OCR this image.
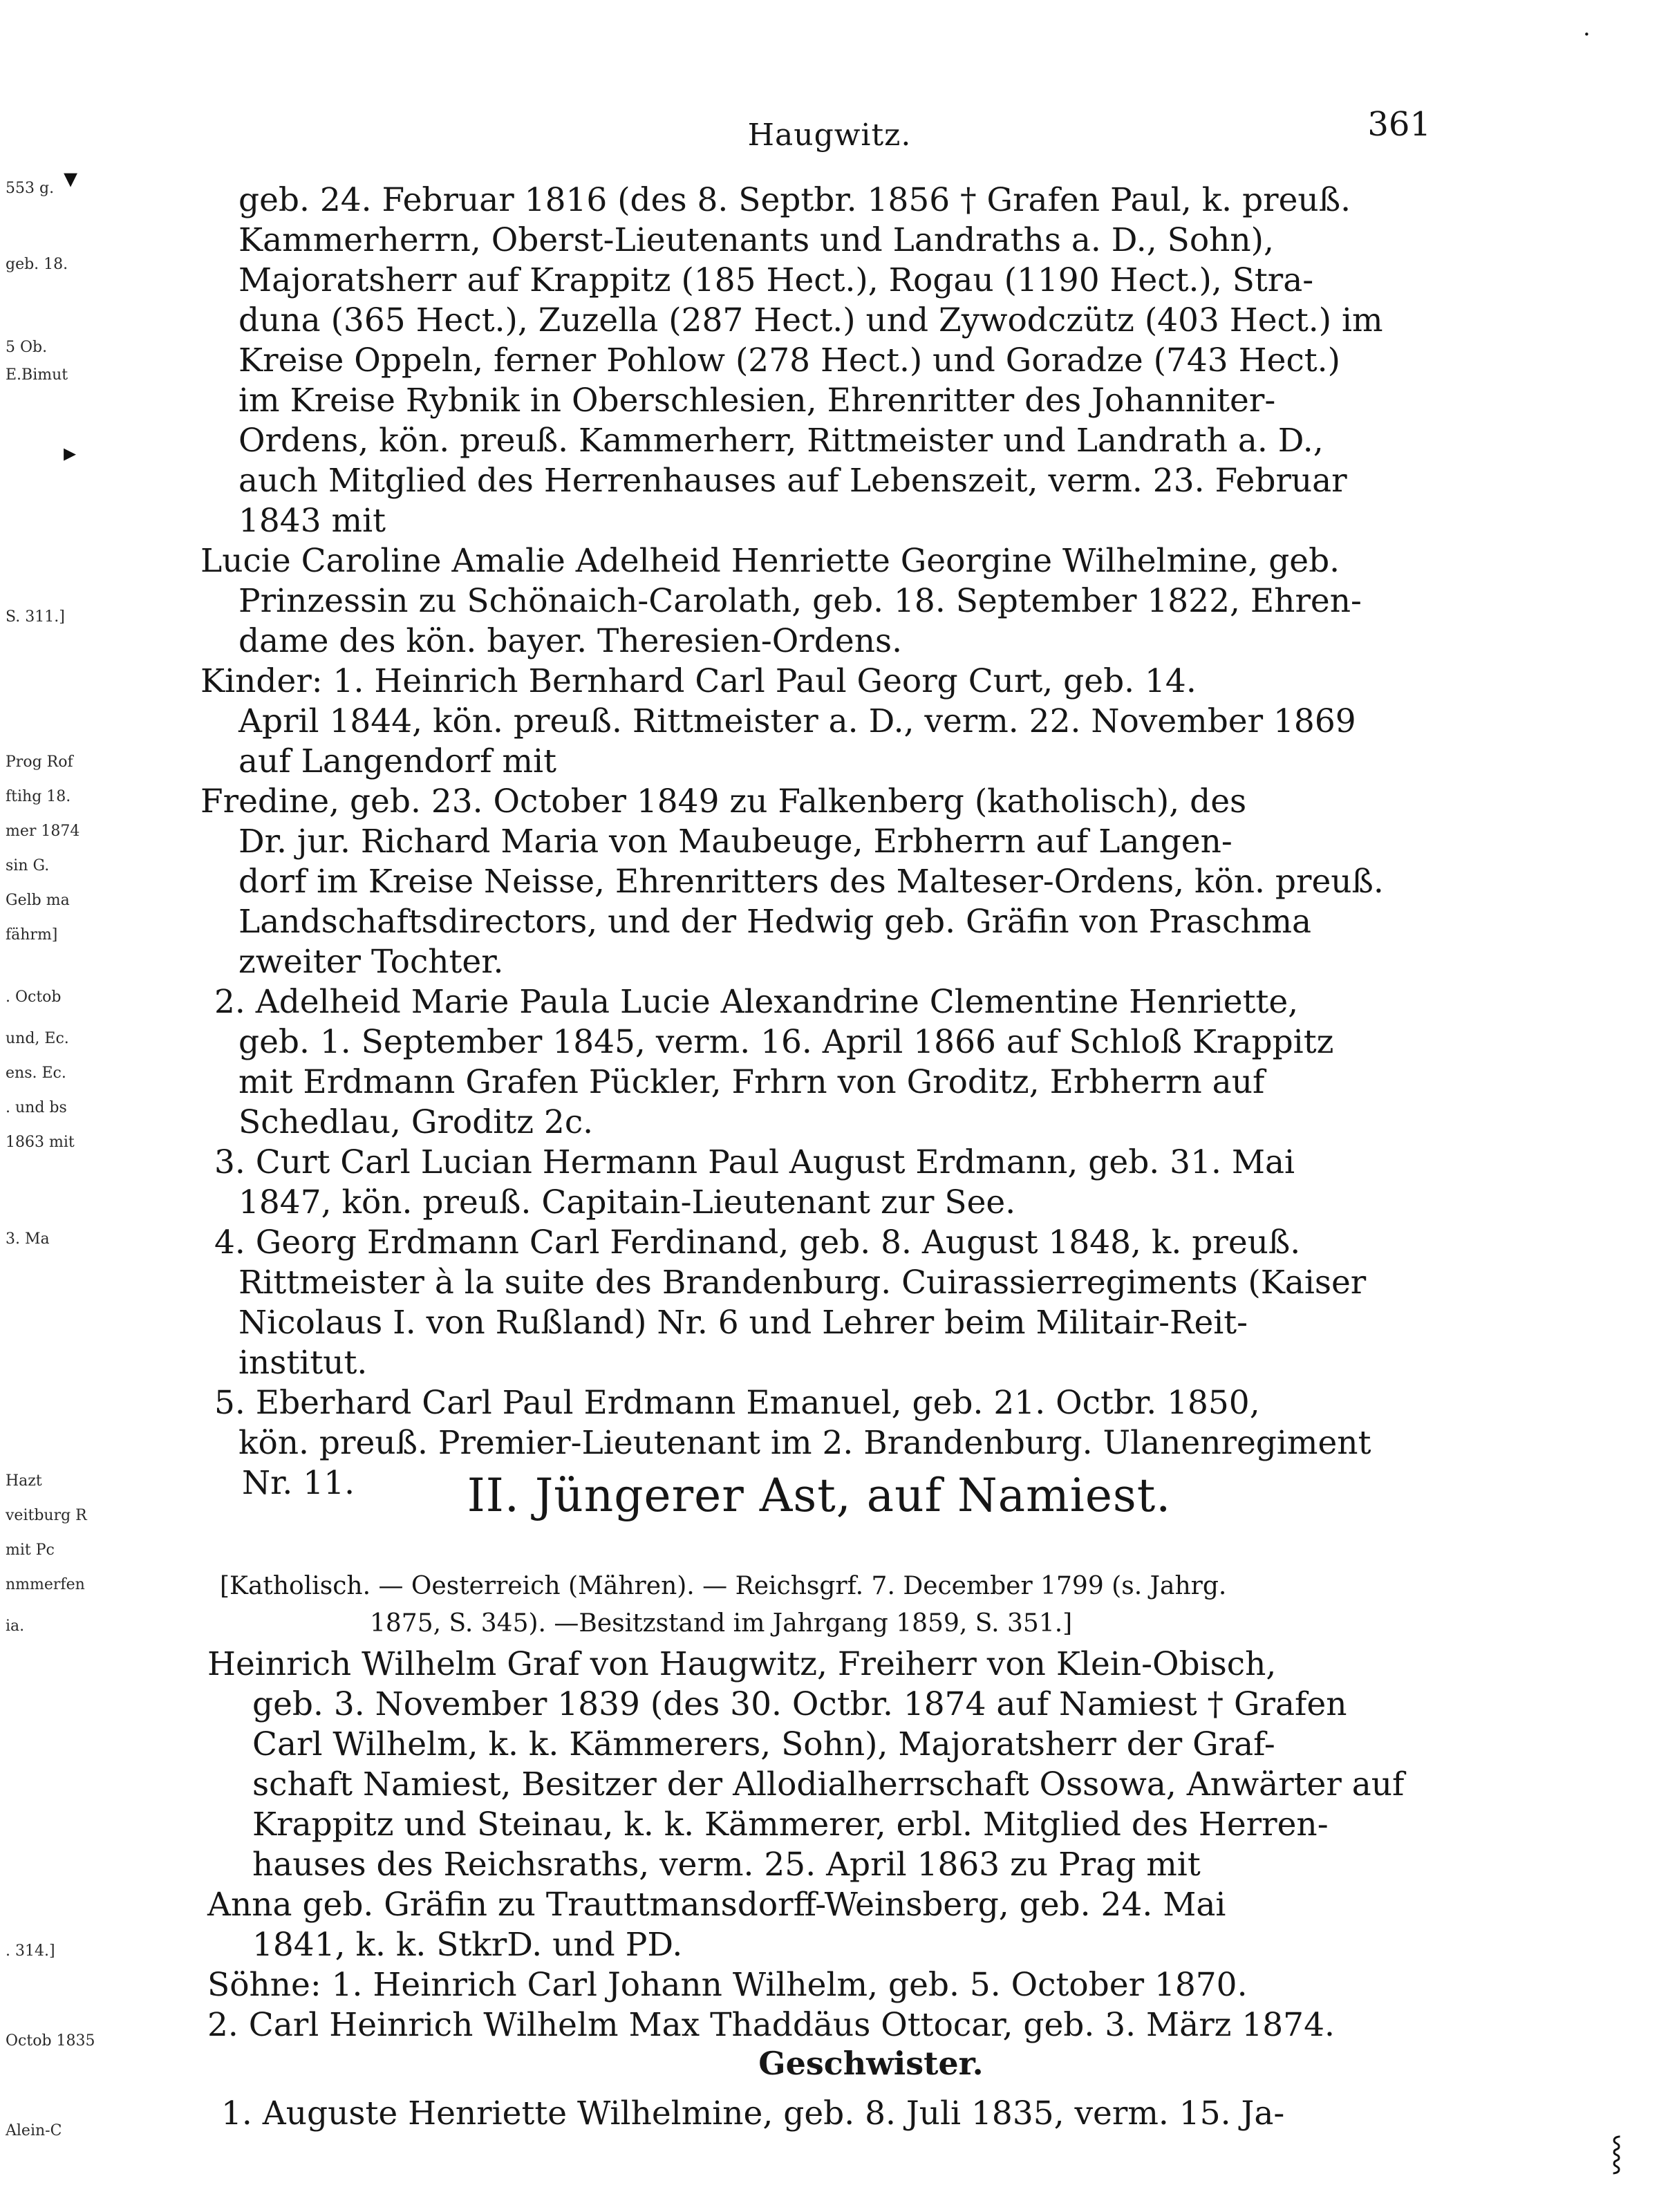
553 g.
geb. 18.
5 Ob.
E.Bimut
S. 311.]
Prog Rof
ftihg 18.
mer 1874
sin G.
Gelb ma
fährm]
. Octob
und, Ec.
ens. Ec.
. und bs
1863 mit
3. Ma
Hazt
veitburg R
mit Pc
nmmerfen
ia.
. 314.]
Octob 1835
Alein-C
Haugwitz.	361
geb. 24. Februar 1816 (des 8. Septbr. 1856 † Grafen Paul, k. preuß.
Kammerherrn, Oberst-Lieutenants und Landraths a. D., Sohn),
Majoratsherr auf Krappitz (185 Hect.), Rogau (1190 Hect.), Stra-
duna (365 Hect.), Zuzella (287 Hect.) und Zywodczütz (403 Hect.) im
Kreise Oppeln, ferner Pohlow (278 Hect.) und Goradze (743 Hect.)
im Kreise Rybnik in Oberschlesien, Ehrenritter des Johanniter-
Ordens, kön. preuß. Kammerherr, Rittmeister und Landrath a. D.,
auch Mitglied des Herrenhauses auf Lebenszeit, verm. 23. Februar
1843 mit
Lucie Caroline Amalie Adelheid Henriette Georgine Wilhelmine, geb.
Prinzessin zu Schönaich-Carolath, geb. 18. September 1822, Ehren-
dame des kön. bayer. Theresien-Ordens.
Kinder: 1. Heinrich Bernhard Carl Paul Georg Curt, geb. 14.
April 1844, kön. preuß. Rittmeister a. D., verm. 22. November 1869
auf Langendorf mit
Fredine, geb. 23. October 1849 zu Falkenberg (katholisch), des
Dr. jur. Richard Maria von Maubeuge, Erbherrn auf Langen-
dorf im Kreise Neisse, Ehrenritters des Malteser-Ordens, kön. preuß.
Landschaftsdirectors, und der Hedwig geb. Gräfin von Praschma
zweiter Tochter.
2. Adelheid Marie Paula Lucie Alexandrine Clementine Henriette,
geb. 1. September 1845, verm. 16. April 1866 auf Schloß Krappitz
mit Erdmann Grafen Pückler, Frhrn von Groditz, Erbherrn auf
Schedlau, Groditz 2c.
3. Curt Carl Lucian Hermann Paul August Erdmann, geb. 31. Mai
1847, kön. preuß. Capitain-Lieutenant zur See.
4. Georg Erdmann Carl Ferdinand, geb. 8. August 1848, k. preuß.
Rittmeister à la suite des Brandenburg. Cuirassierregiments (Kaiser
Nicolaus I. von Rußland) Nr. 6 und Lehrer beim Militair-Reit-
institut.
5. Eberhard Carl Paul Erdmann Emanuel, geb. 21. Octbr. 1850,
kön. preuß. Premier-Lieutenant im 2. Brandenburg. Ulanenregiment
Nr. 11. II. Jüngerer Ast, auf Namiest.
[Katholisch. — Oesterreich (Mähren). — Reichsgrf. 7. December 1799 (s. Jahrg.
1875, S. 345). —Besitzstand im Jahrgang 1859, S. 351.]
Heinrich Wilhelm Graf von Haugwitz, Freiherr von Klein-Obisch,
geb. 3. November 1839 (des 30. Octbr. 1874 auf Namiest † Grafen
Carl Wilhelm, k. k. Kämmerers, Sohn), Majoratsherr der Graf-
schaft Namiest, Besitzer der Allodialherrschaft Ossowa, Anwärter auf
Krappitz und Steinau, k. k. Kämmerer, erbl. Mitglied des Herren-
hauses des Reichsraths, verm. 25. April 1863 zu Prag mit
Anna geb. Gräfin zu Trauttmansdorff-Weinsberg, geb. 24. Mai
1841, k. k. StkrD. und PD.
Söhne: 1. Heinrich Carl Johann Wilhelm, geb. 5. October 1870.
2. Carl Heinrich Wilhelm Max Thaddäus Ottocar, geb. 3. März 1874.
Geschwister.
1. Auguste Henriette Wilhelmine, geb. 8. Juli 1835, verm. 15. Ja-
▾
▸
·
⸾
